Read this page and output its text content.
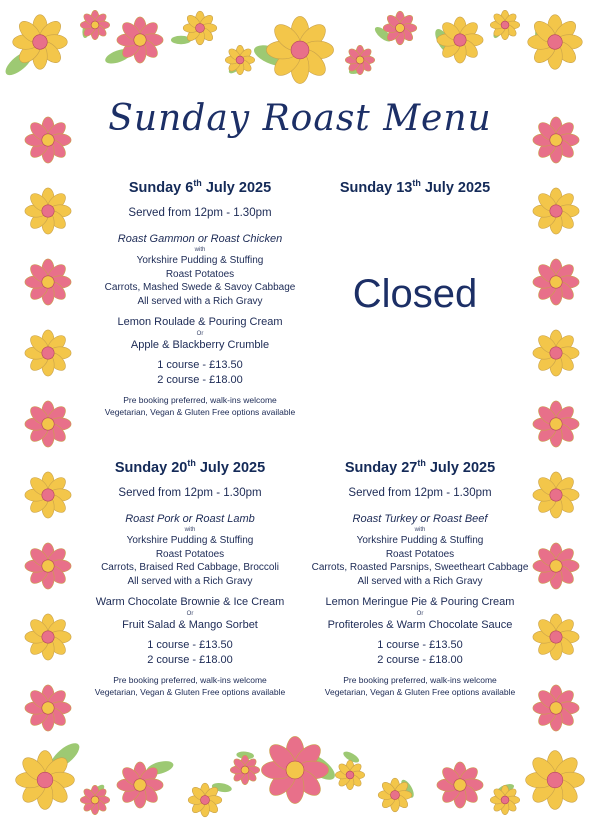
Sunday Roast Menu
Sunday 6th July 2025
Served from 12pm - 1.30pm
Roast Gammon or Roast Chicken
with
Yorkshire Pudding & Stuffing
Roast Potatoes
Carrots, Mashed Swede & Savoy Cabbage
All served with a Rich Gravy
Lemon Roulade & Pouring Cream
Or
Apple & Blackberry Crumble
1 course - £13.50
2 course - £18.00
Pre booking preferred, walk-ins welcome
Vegetarian, Vegan & Gluten Free options available
Sunday 13th July 2025
Closed
Sunday 20th July 2025
Served from 12pm - 1.30pm
Roast Pork or Roast Lamb
with
Yorkshire Pudding & Stuffing
Roast Potatoes
Carrots, Braised Red Cabbage, Broccoli
All served with a Rich Gravy
Warm Chocolate Brownie & Ice Cream
Or
Fruit Salad & Mango Sorbet
1 course - £13.50
2 course - £18.00
Pre booking preferred, walk-ins welcome
Vegetarian, Vegan & Gluten Free options available
Sunday 27th July 2025
Served from 12pm - 1.30pm
Roast Turkey or Roast Beef
with
Yorkshire Pudding & Stuffing
Roast Potatoes
Carrots, Roasted Parsnips, Sweetheart Cabbage
All served with a Rich Gravy
Lemon Meringue Pie & Pouring Cream
Or
Profiteroles & Warm Chocolate Sauce
1 course - £13.50
2 course - £18.00
Pre booking preferred, walk-ins welcome
Vegetarian, Vegan & Gluten Free options available
